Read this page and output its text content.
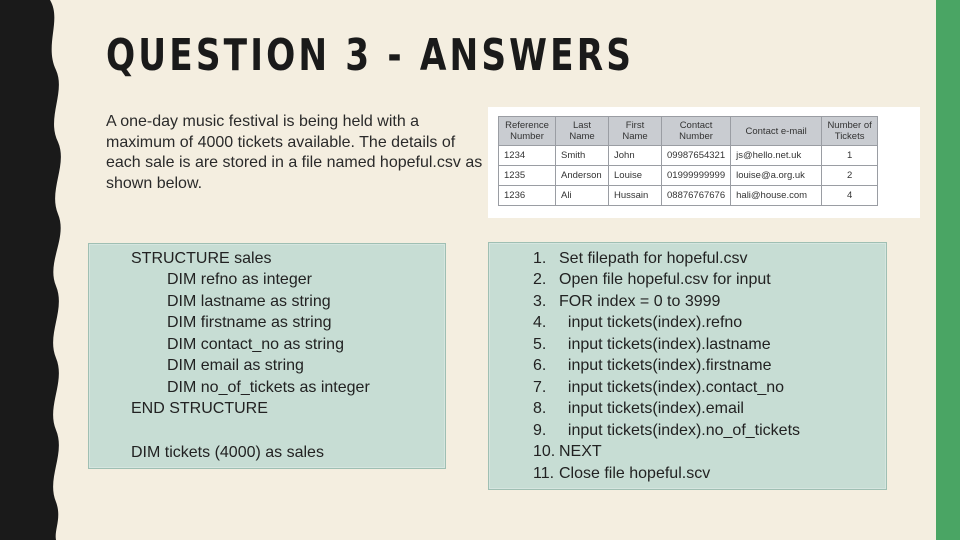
QUESTION 3 - ANSWERS

A one-day music festival is being held with a maximum of 4000 tickets available. The details of each sale is are stored in a file named hopeful.csv as shown below.

Reference Number	Last Name	First Name	Contact Number	Contact e-mail	Number of Tickets
1234	Smith	John	09987654321	js@hello.net.uk	1
1235	Anderson	Louise	01999999999	louise@a.org.uk	2
1236	Ali	Hussain	08876767676	hali@house.com	4

STRUCTURE sales

DIM refno as integer

DIM lastname as string

DIM firstname as string

DIM contact_no as string

DIM email as string

DIM no_of_tickets as integer

END STRUCTURE

DIM tickets (4000) as sales

1. Set filepath for hopeful.csv
2. Open file hopeful.csv for input
3. FOR index = 0 to 3999
4. input tickets(index).refno
5. input tickets(index).lastname
6. input tickets(index).firstname
7. input tickets(index).contact_no
8. input tickets(index).email
9. input tickets(index).no_of_tickets
10. NEXT
11. Close file hopeful.scv
